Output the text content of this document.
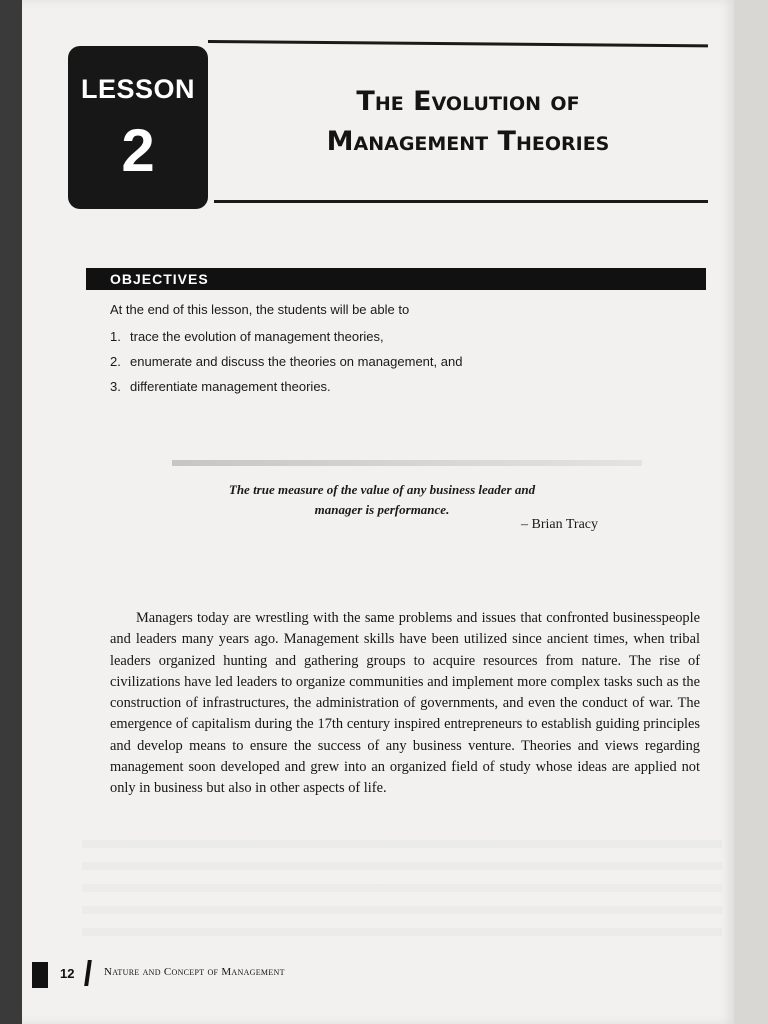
LESSON
2
The Evolution of
Management Theories
OBJECTIVES
At the end of this lesson, the students will be able to
1. trace the evolution of management theories,
2. enumerate and discuss the theories on management, and
3. differentiate management theories.
The true measure of the value of any business leader and
manager is performance.
– Brian Tracy
Managers today are wrestling with the same problems and issues that confronted businesspeople and leaders many years ago. Management skills have been utilized since ancient times, when tribal leaders organized hunting and gathering groups to acquire resources from nature. The rise of civilizations have led leaders to organize communities and implement more complex tasks such as the construction of infrastructures, the administration of governments, and even the conduct of war. The emergence of capitalism during the 17th century inspired entrepreneurs to establish guiding principles and develop means to ensure the success of any business venture. Theories and views regarding management soon developed and grew into an organized field of study whose ideas are applied not only in business but also in other aspects of life.
12	Nature and Concept of Management
